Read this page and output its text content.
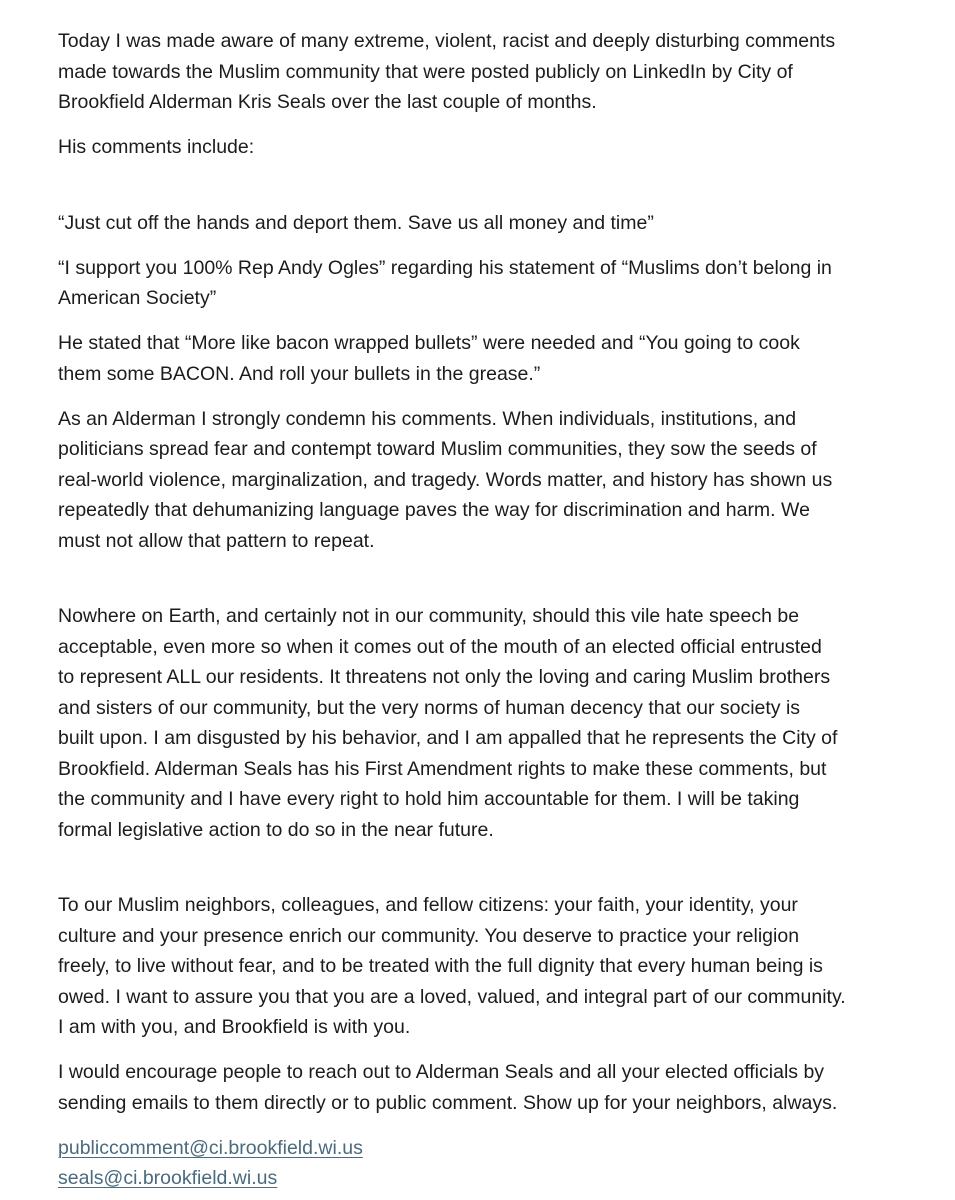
Today I was made aware of many extreme, violent, racist and deeply disturbing comments
made towards the Muslim community that were posted publicly on LinkedIn by City of
Brookfield Alderman Kris Seals over the last couple of months.

His comments include:

“Just cut off the hands and deport them. Save us all money and time”

“I support you 100% Rep Andy Ogles” regarding his statement of “Muslims don’t belong in
American Society”

He stated that “More like bacon wrapped bullets” were needed and “You going to cook
them some BACON. And roll your bullets in the grease.”

As an Alderman I strongly condemn his comments. When individuals, institutions, and
politicians spread fear and contempt toward Muslim communities, they sow the seeds of
real-world violence, marginalization, and tragedy. Words matter, and history has shown us
repeatedly that dehumanizing language paves the way for discrimination and harm. We
must not allow that pattern to repeat.

Nowhere on Earth, and certainly not in our community, should this vile hate speech be
acceptable, even more so when it comes out of the mouth of an elected official entrusted
to represent ALL our residents. It threatens not only the loving and caring Muslim brothers
and sisters of our community, but the very norms of human decency that our society is
built upon. I am disgusted by his behavior, and I am appalled that he represents the City of
Brookfield. Alderman Seals has his First Amendment rights to make these comments, but
the community and I have every right to hold him accountable for them. I will be taking
formal legislative action to do so in the near future.

To our Muslim neighbors, colleagues, and fellow citizens: your faith, your identity, your
culture and your presence enrich our community. You deserve to practice your religion
freely, to live without fear, and to be treated with the full dignity that every human being is
owed. I want to assure you that you are a loved, valued, and integral part of our community.
I am with you, and Brookfield is with you.

I would encourage people to reach out to Alderman Seals and all your elected officials by
sending emails to them directly or to public comment. Show up for your neighbors, always.

publiccomment@ci.brookfield.wi.us
seals@ci.brookfield.wi.us
